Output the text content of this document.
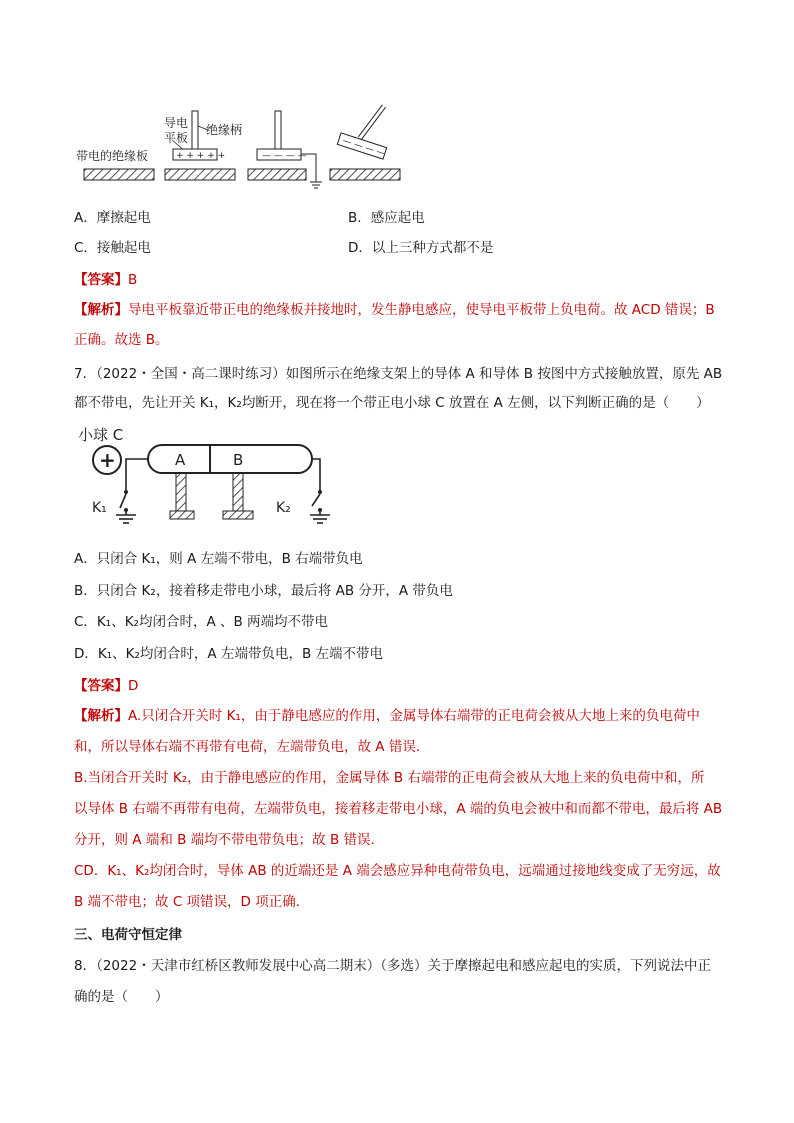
带电的绝缘板
导电
平板
绝缘柄
+ + + + +	— — — —	— — — —
A．摩擦起电	B．感应起电
C．接触起电	D．以上三种方式都不是
【答案】B
【解析】导电平板靠近带正电的绝缘板并接地时，发生静电感应，使导电平板带上负电荷。故 ACD 错误；B
正确。故选 B。
7．（2022・全国・高二课时练习）如图所示在绝缘支架上的导体 A 和导体 B 按图中方式接触放置，原先 AB
都不带电，先让开关 K₁，K₂均断开，现在将一个带正电小球 C 放置在 A 左侧，以下判断正确的是（　　）
小球 C
+	A	B
K₁	K₂
A．只闭合 K₁，则 A 左端不带电，B 右端带负电
B．只闭合 K₂，接着移走带电小球，最后将 AB 分开，A 带负电
C．K₁、K₂均闭合时，A 、B 两端均不带电
D．K₁、K₂均闭合时，A 左端带负电，B 左端不带电
【答案】D
【解析】A.只闭合开关时 K₁，由于静电感应的作用，金属导体右端带的正电荷会被从大地上来的负电荷中
和，所以导体右端不再带有电荷，左端带负电，故 A 错误.
B.当闭合开关时 K₂，由于静电感应的作用，金属导体 B 右端带的正电荷会被从大地上来的负电荷中和，所
以导体 B 右端不再带有电荷，左端带负电，接着移走带电小球，A 端的负电会被中和而都不带电，最后将 AB
分开，则 A 端和 B 端均不带电带负电；故 B 错误.
CD．K₁、K₂均闭合时，导体 AB 的近端还是 A 端会感应异种电荷带负电，远端通过接地线变成了无穷远，故
B 端不带电；故 C 项错误，D 项正确.
三、电荷守恒定律
8．（2022・天津市红桥区教师发展中心高二期末）（多选）关于摩擦起电和感应起电的实质，下列说法中正
确的是（　　）
